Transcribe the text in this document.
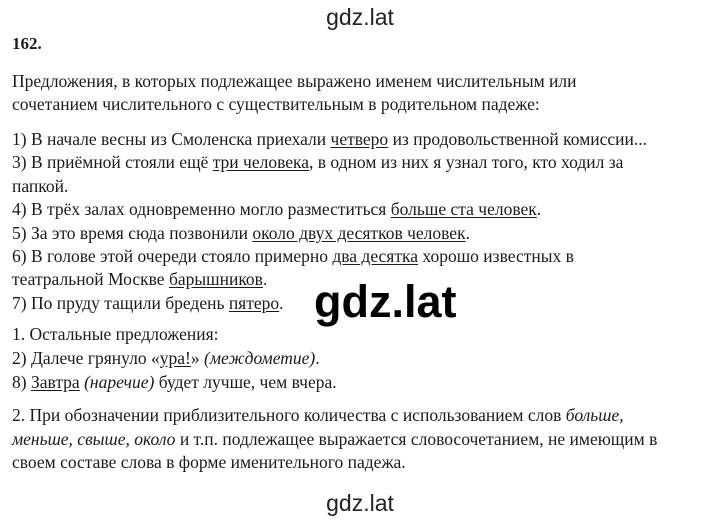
gdz.lat
162.
Предложения, в которых подлежащее выражено именем числительным или
сочетанием числительного с существительным в родительном падеже:
1) В начале весны из Смоленска приехали четверо из продовольственной комиссии...
3) В приёмной стояли ещё три человека, в одном из них я узнал того, кто ходил за
папкой.
4) В трёх залах одновременно могло разместиться больше ста человек.
5) За это время сюда позвонили около двух десятков человек.
6) В голове этой очереди стояло примерно два десятка хорошо известных в
театральной Москве барышников.
7) По пруду тащили бредень пятеро. gdz.lat
1. Остальные предложения:
2) Далече грянуло «ура!» (междометие).
8) Завтра (наречие) будет лучше, чем вчера.
2. При обозначении приблизительного количества с использованием слов больше,
меньше, свыше, около и т.п. подлежащее выражается словосочетанием, не имеющим в
своем составе слова в форме именительного падежа.
gdz.lat
